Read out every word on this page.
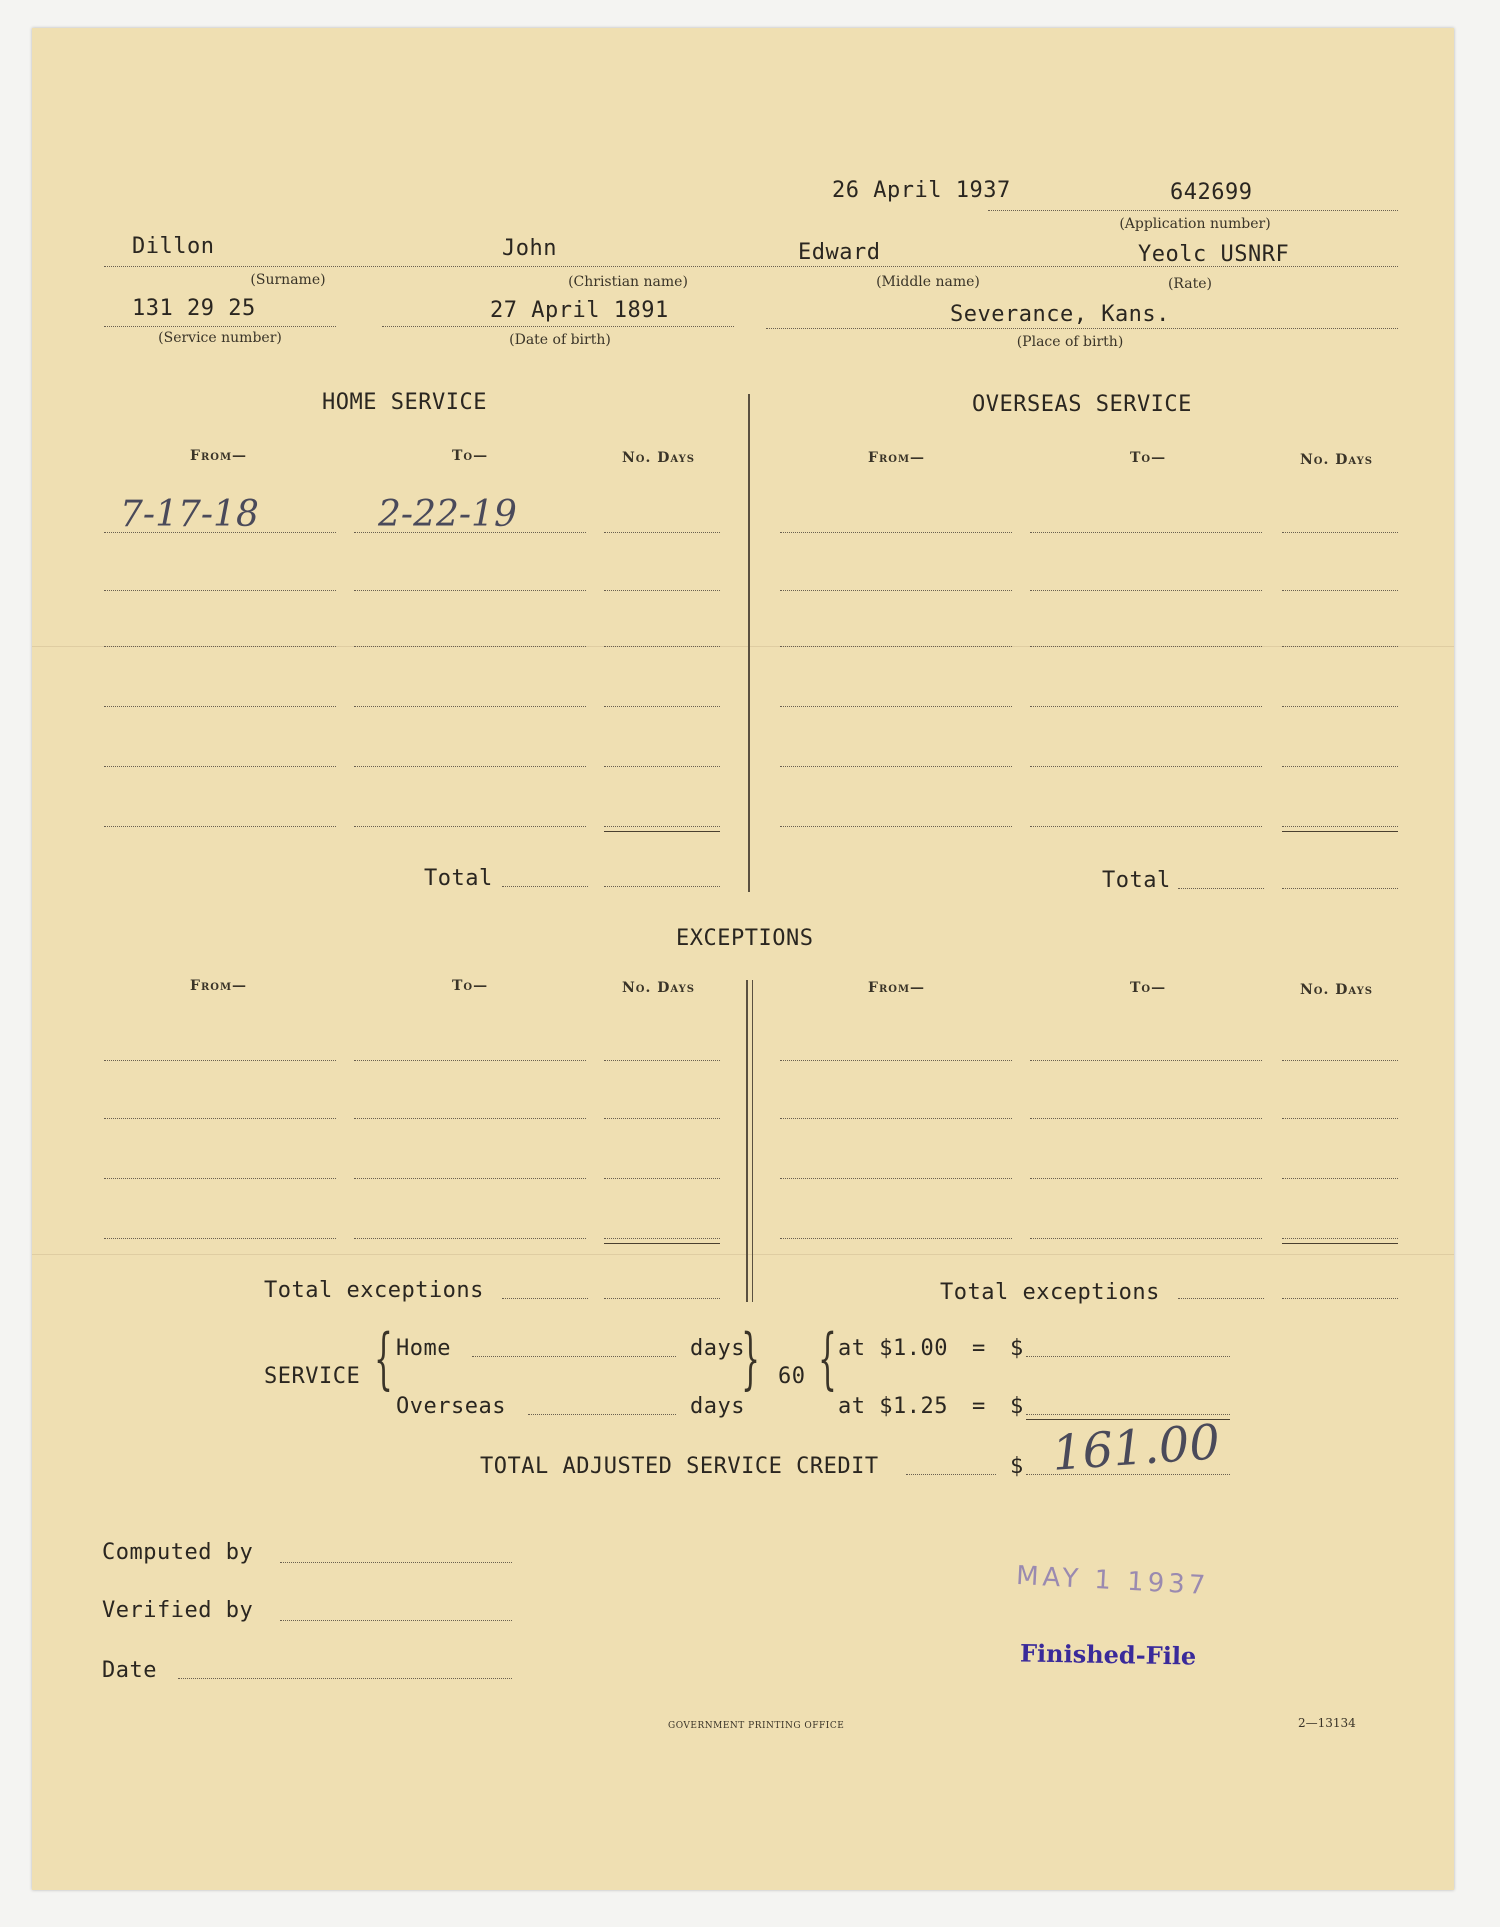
26 April 1937	642699
(Application number)
Dillon	John	Edward	Yeolc USNRF
(Surname)	(Christian name)	(Middle name)	(Rate)
131 29 25
(Service number)
27 April 1891
(Date of birth)
Severance, Kans.
(Place of birth)
HOME SERVICE
From—	To—	No. Days
7-17-18	2-22-19
Total
OVERSEAS SERVICE
From—	To—	No. Days
Total
EXCEPTIONS
From—	To—	No. Days	From—	To—	No. Days
Total exceptions	Total exceptions
SERVICE { Home	days
Overseas	days
{ 60 { at $1.00 = $
at $1.25 = $
TOTAL ADJUSTED SERVICE CREDIT	$ 161.00
Computed by
Verified by
Date
MAY 1 1937
Finished-File
GOVERNMENT PRINTING OFFICE	2—13134
